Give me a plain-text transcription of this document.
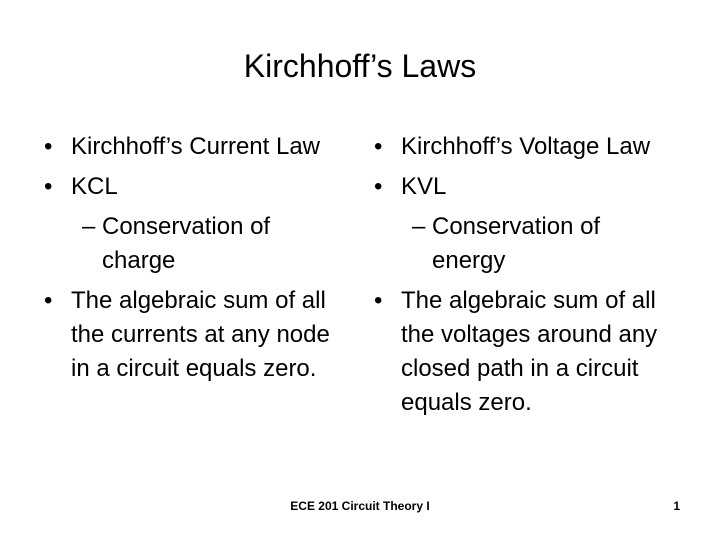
Kirchhoff’s Laws
• Kirchhoff’s Current Law
• KCL
– Conservation of charge
• The algebraic sum of all the currents at any node in a circuit equals zero.
• Kirchhoff’s Voltage Law
• KVL
– Conservation of energy
• The algebraic sum of all the voltages around any closed path in a circuit equals zero.
ECE 201 Circuit Theory I	1
